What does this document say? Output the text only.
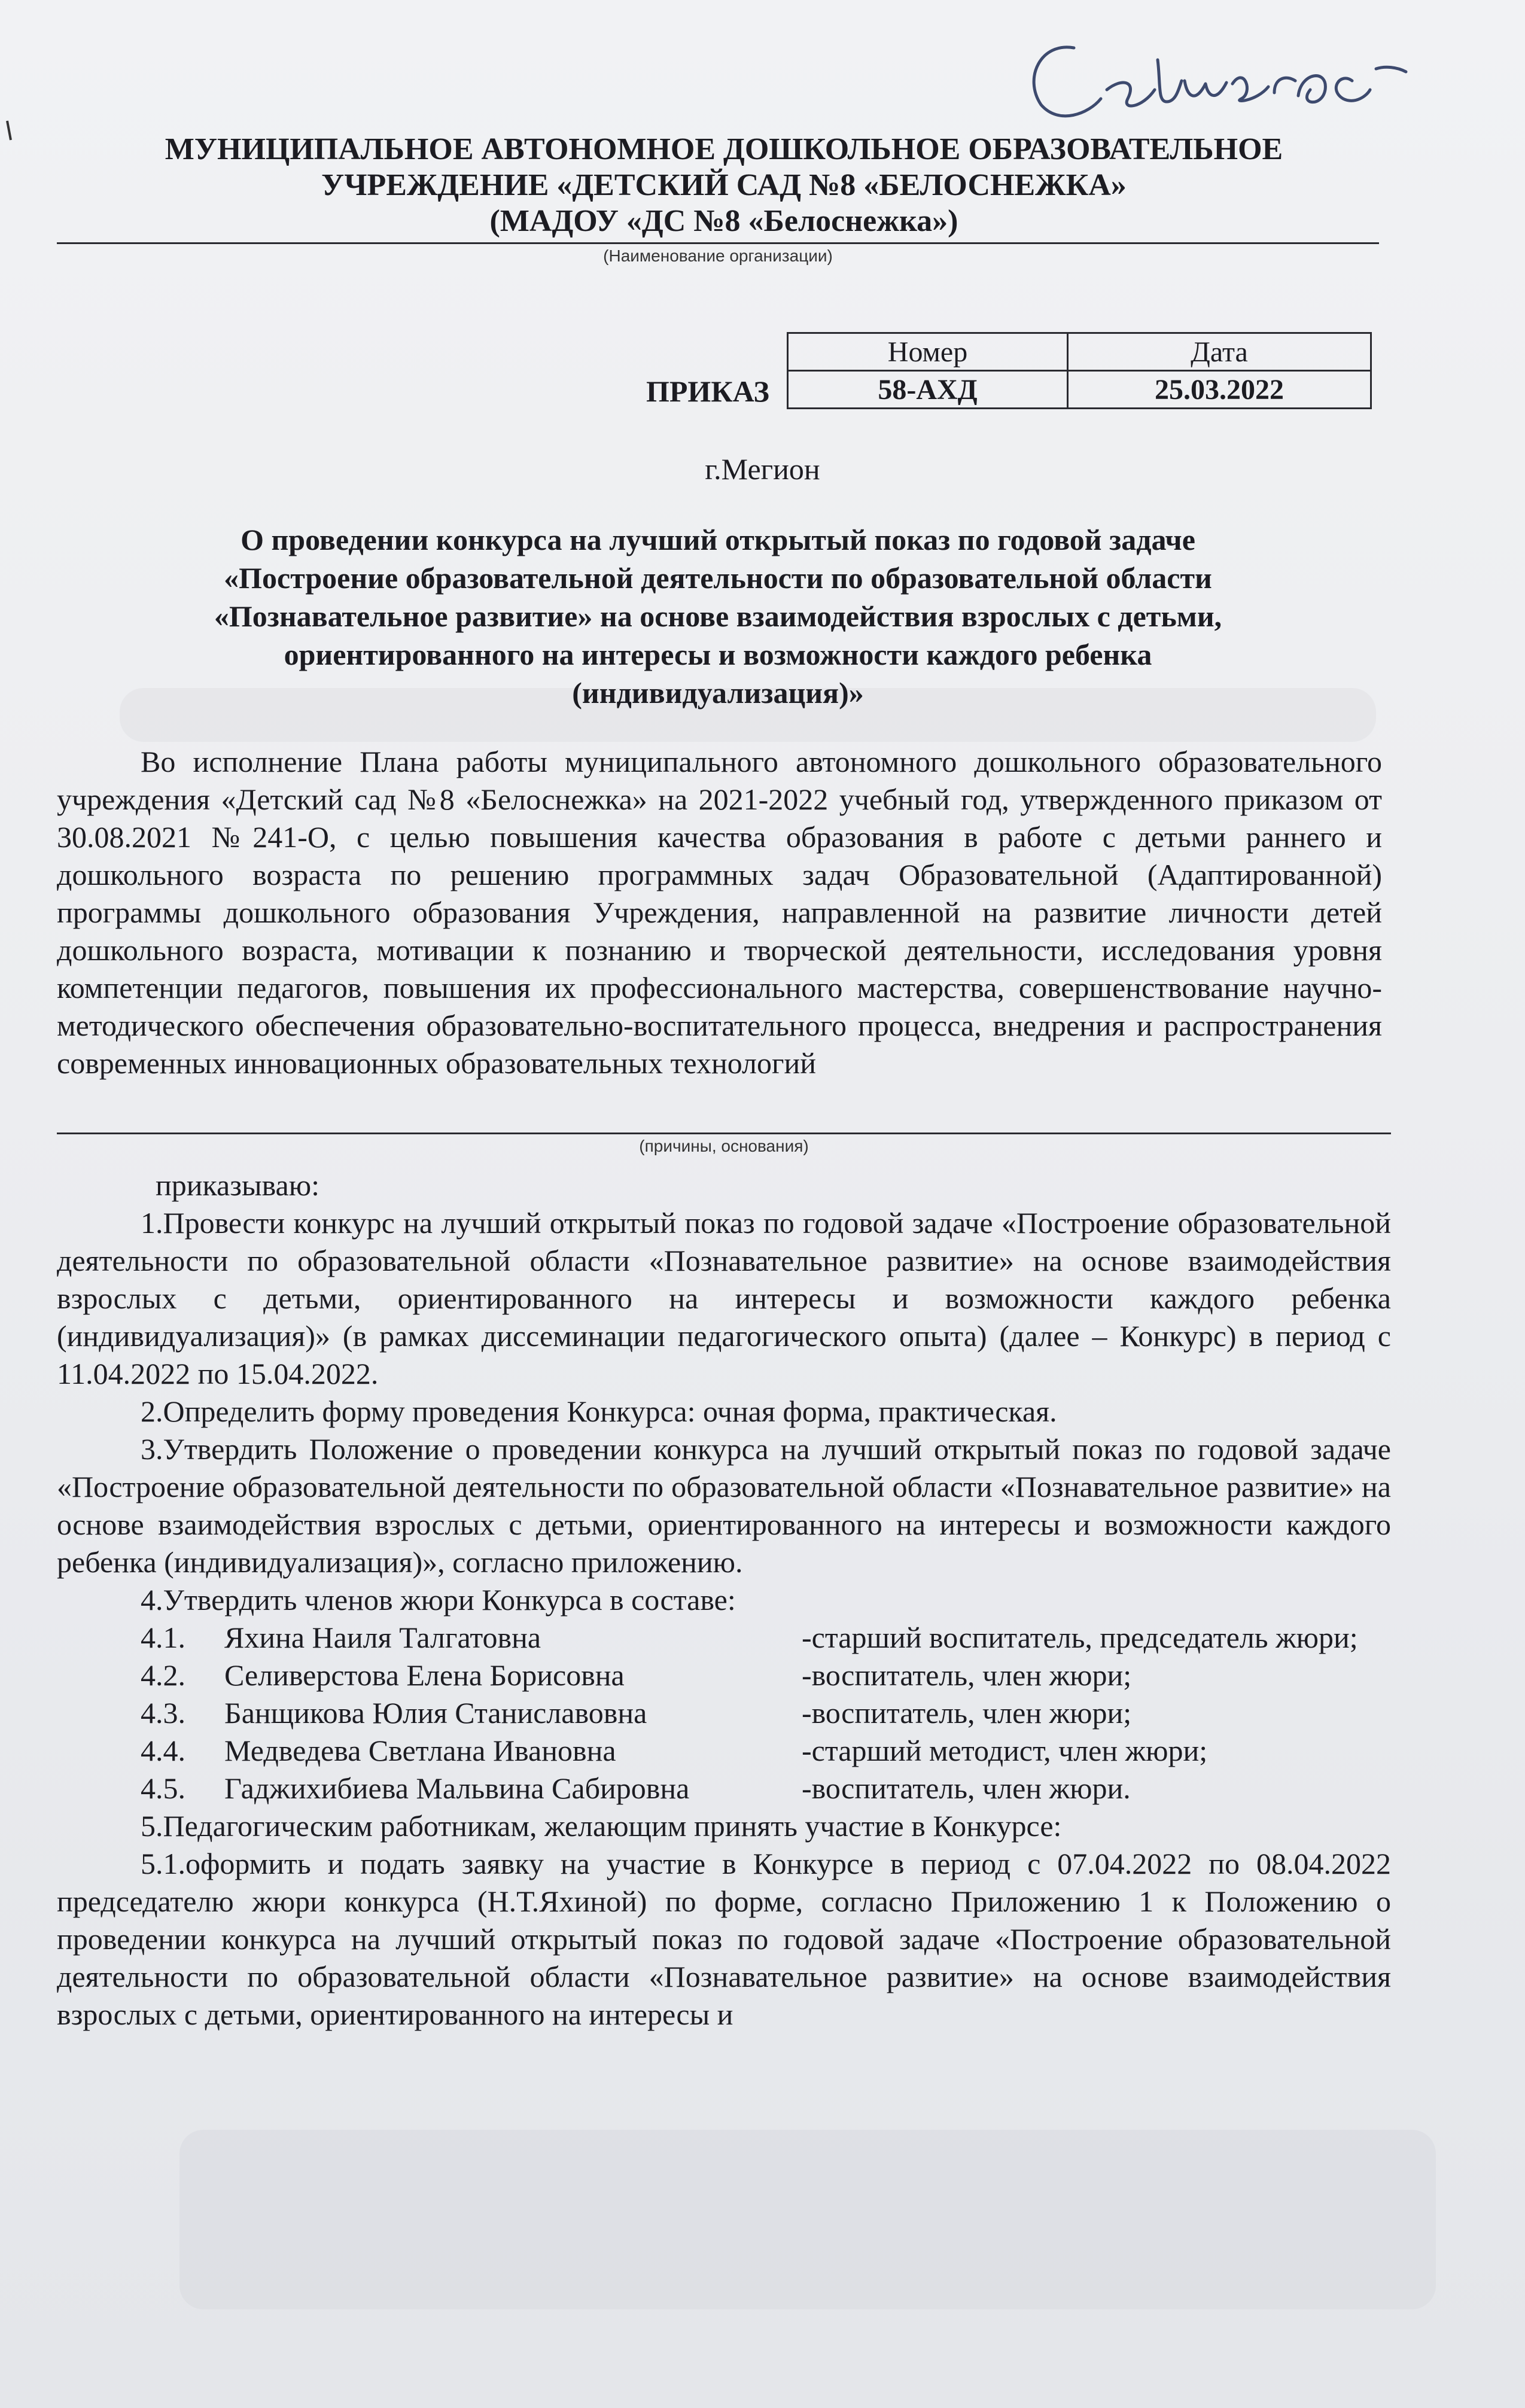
МУНИЦИПАЛЬНОЕ АВТОНОМНОЕ ДОШКОЛЬНОЕ ОБРАЗОВАТЕЛЬНОЕ
УЧРЕЖДЕНИЕ «ДЕТСКИЙ САД №8 «БЕЛОСНЕЖКА»
(МАДОУ «ДС №8 «Белоснежка»)
(Наименование организации)
ПРИКАЗ
Номер	Дата
58-АХД	25.03.2022
г.Мегион
О проведении конкурса на лучший открытый показ по годовой задаче
«Построение образовательной деятельности по образовательной области
«Познавательное развитие» на основе взаимодействия взрослых с детьми,
ориентированного на интересы и возможности каждого ребенка
(индивидуализация)»

Во исполнение Плана работы муниципального автономного дошкольного образовательного учреждения «Детский сад №8 «Белоснежка» на 2021-2022 учебный год, утвержденного приказом от 30.08.2021 №241-О, с целью повышения качества образования в работе с детьми раннего и дошкольного возраста по решению программных задач Образовательной (Адаптированной) программы дошкольного образования Учреждения, направленной на развитие личности детей дошкольного возраста, мотивации к познанию и творческой деятельности, исследования уровня компетенции педагогов, повышения их профессионального мастерства, совершенствование научно-методического обеспечения образовательно-воспитательного процесса, внедрения и распространения современных инновационных образовательных технологий

(причины, основания)

приказываю:

1.Провести конкурс на лучший открытый показ по годовой задаче «Построение образовательной деятельности по образовательной области «Познавательное развитие» на основе взаимодействия взрослых с детьми, ориентированного на интересы и возможности каждого ребенка (индивидуализация)» (в рамках диссеминации педагогического опыта) (далее – Конкурс) в период с 11.04.2022 по 15.04.2022.

2.Определить форму проведения Конкурса: очная форма, практическая.

3.Утвердить Положение о проведении конкурса на лучший открытый показ по годовой задаче «Построение образовательной деятельности по образовательной области «Познавательное развитие» на основе взаимодействия взрослых с детьми, ориентированного на интересы и возможности каждого ребенка (индивидуализация)», согласно приложению.

4.Утвердить членов жюри Конкурса в составе:

4.1.	Яхина Наиля Талгатовна	-старший воспитатель, председатель жюри;
4.2.	Селиверстова Елена Борисовна	-воспитатель, член жюри;
4.3.	Банщикова Юлия Станиславовна	-воспитатель, член жюри;
4.4.	Медведева Светлана Ивановна	-старший методист, член жюри;
4.5.	Гаджихибиева Мальвина Сабировна	-воспитатель, член жюри.

5.Педагогическим работникам, желающим принять участие в Конкурсе:

5.1.оформить и подать заявку на участие в Конкурсе в период с 07.04.2022 по 08.04.2022 председателю жюри конкурса (Н.Т.Яхиной) по форме, согласно Приложению 1 к Положению о проведении конкурса на лучший открытый показ по годовой задаче «Построение образовательной деятельности по образовательной области «Познавательное развитие» на основе взаимодействия взрослых с детьми, ориентированного на интересы и
